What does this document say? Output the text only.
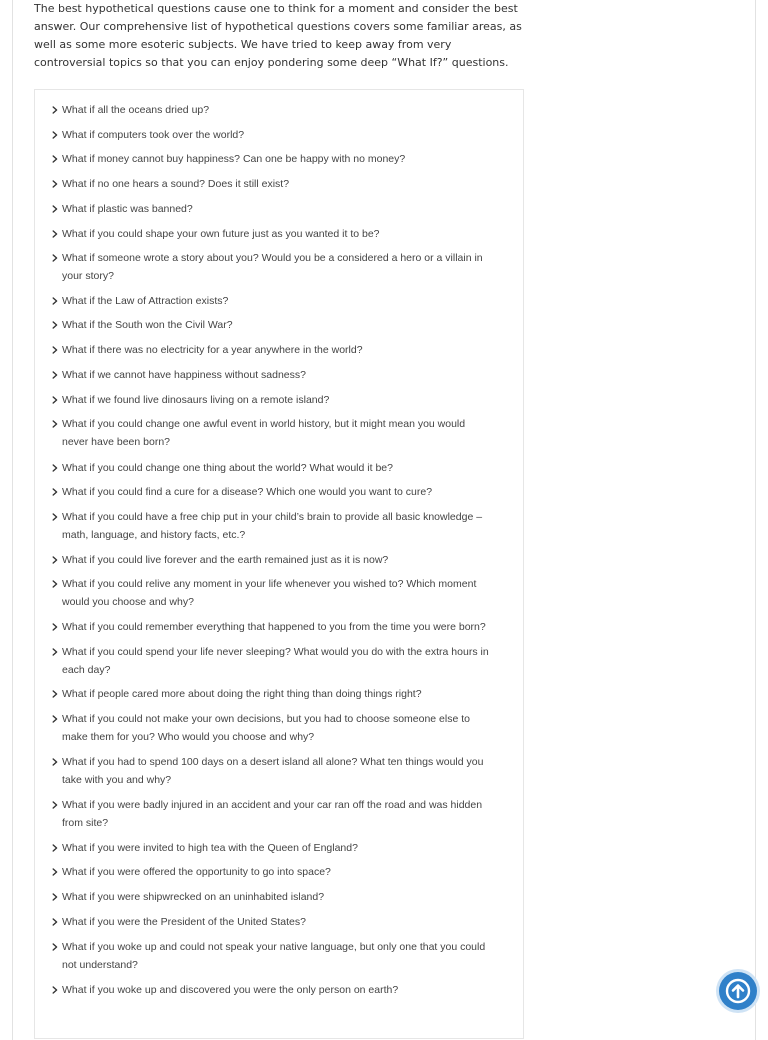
The best hypothetical questions cause one to think for a moment and consider the best answer. Our comprehensive list of hypothetical questions covers some familiar areas, as well as some more esoteric subjects. We have tried to keep away from very controversial topics so that you can enjoy pondering some deep “What If?” questions.

What if all the oceans dried up?
What if computers took over the world?
What if money cannot buy happiness? Can one be happy with no money?
What if no one hears a sound? Does it still exist?
What if plastic was banned?
What if you could shape your own future just as you wanted it to be?
What if someone wrote a story about you? Would you be a considered a hero or a villain in your story?
What if the Law of Attraction exists?
What if the South won the Civil War?
What if there was no electricity for a year anywhere in the world?
What if we cannot have happiness without sadness?
What if we found live dinosaurs living on a remote island?
What if you could change one awful event in world history, but it might mean you would never have been born?
What if you could change one thing about the world? What would it be?
What if you could find a cure for a disease? Which one would you want to cure?
What if you could have a free chip put in your child’s brain to provide all basic knowledge – math, language, and history facts, etc.?
What if you could live forever and the earth remained just as it is now?
What if you could relive any moment in your life whenever you wished to? Which moment would you choose and why?
What if you could remember everything that happened to you from the time you were born?
What if you could spend your life never sleeping? What would you do with the extra hours in each day?
What if people cared more about doing the right thing than doing things right?
What if you could not make your own decisions, but you had to choose someone else to make them for you? Who would you choose and why?
What if you had to spend 100 days on a desert island all alone? What ten things would you take with you and why?
What if you were badly injured in an accident and your car ran off the road and was hidden from site?
What if you were invited to high tea with the Queen of England?
What if you were offered the opportunity to go into space?
What if you were shipwrecked on an uninhabited island?
What if you were the President of the United States?
What if you woke up and could not speak your native language, but only one that you could not understand?
What if you woke up and discovered you were the only person on earth?
